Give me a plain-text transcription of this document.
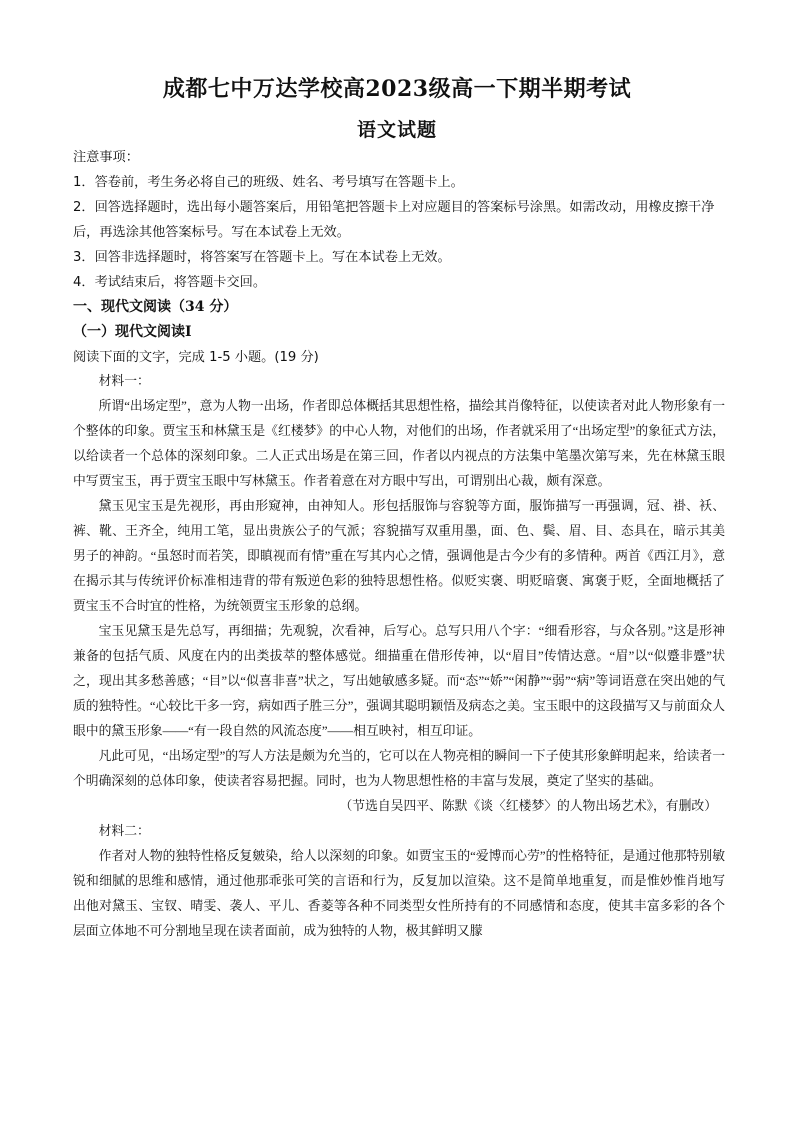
成都七中万达学校高2023级高一下期半期考试
语文试题
注意事项：
1．答卷前，考生务必将自己的班级、姓名、考号填写在答题卡上。
2．回答选择题时，选出每小题答案后，用铅笔把答题卡上对应题目的答案标号涂黑。如需改动，用橡皮擦干净后，再选涂其他答案标号。写在本试卷上无效。
3．回答非选择题时，将答案写在答题卡上。写在本试卷上无效。
4．考试结束后，将答题卡交回。
一、现代文阅读（34 分）
（一）现代文阅读Ⅰ
阅读下面的文字，完成 1-5 小题。(19 分)

材料一：

所谓“出场定型”，意为人物一出场，作者即总体概括其思想性格，描绘其肖像特征，以使读者对此人物形象有一个整体的印象。贾宝玉和林黛玉是《红楼梦》的中心人物，对他们的出场，作者就采用了“出场定型”的象征式方法，以给读者一个总体的深刻印象。二人正式出场是在第三回，作者以内视点的方法集中笔墨次第写来，先在林黛玉眼中写贾宝玉，再于贾宝玉眼中写林黛玉。作者着意在对方眼中写出，可谓别出心裁，颇有深意。

黛玉见宝玉是先视形，再由形窥神，由神知人。形包括服饰与容貌等方面，服饰描写一再强调，冠、褂、袄、裤、靴、王齐全，纯用工笔，显出贵族公子的气派；容貌描写双重用墨，面、色、鬓、眉、目、态具在，暗示其美男子的神韵。“虽怒时而若笑，即瞋视而有情”重在写其内心之情，强调他是古今少有的多情种。两首《西江月》，意在揭示其与传统评价标准相违背的带有叛逆色彩的独特思想性格。似贬实褒、明贬暗褒、寓褒于贬，全面地概括了贾宝玉不合时宜的性格，为统领贾宝玉形象的总纲。

宝玉见黛玉是先总写，再细描；先观貌，次看神，后写心。总写只用八个字：“细看形容，与众各别。”这是形神兼备的包括气质、风度在内的出类拔萃的整体感觉。细描重在借形传神，以“眉目”传情达意。“眉”以“似蹙非蹙”状之，现出其多愁善感；“目”以“似喜非喜”状之，写出她敏感多疑。而“态”“娇”“闲静”“弱”“病”等词语意在突出她的气质的独特性。“心较比干多一窍，病如西子胜三分”，强调其聪明颖悟及病态之美。宝玉眼中的这段描写又与前面众人眼中的黛玉形象——“有一段自然的风流态度”——相互映衬，相互印证。

凡此可见，“出场定型”的写人方法是颇为允当的，它可以在人物亮相的瞬间一下子使其形象鲜明起来，给读者一个明确深刻的总体印象，使读者容易把握。同时，也为人物思想性格的丰富与发展，奠定了坚实的基础。

（节选自吴四平、陈默《谈〈红楼梦〉的人物出场艺术》，有删改）

材料二：

作者对人物的独特性格反复皴染，给人以深刻的印象。如贾宝玉的“爱博而心劳”的性格特征，是通过他那特别敏锐和细腻的思维和感情，通过他那乖张可笑的言语和行为，反复加以渲染。这不是简单地重复，而是惟妙惟肖地写出他对黛玉、宝钗、晴雯、袭人、平儿、香菱等各种不同类型女性所持有的不同感情和态度，使其丰富多彩的各个层面立体地不可分割地呈现在读者面前，成为独特的人物，极其鲜明又朦
